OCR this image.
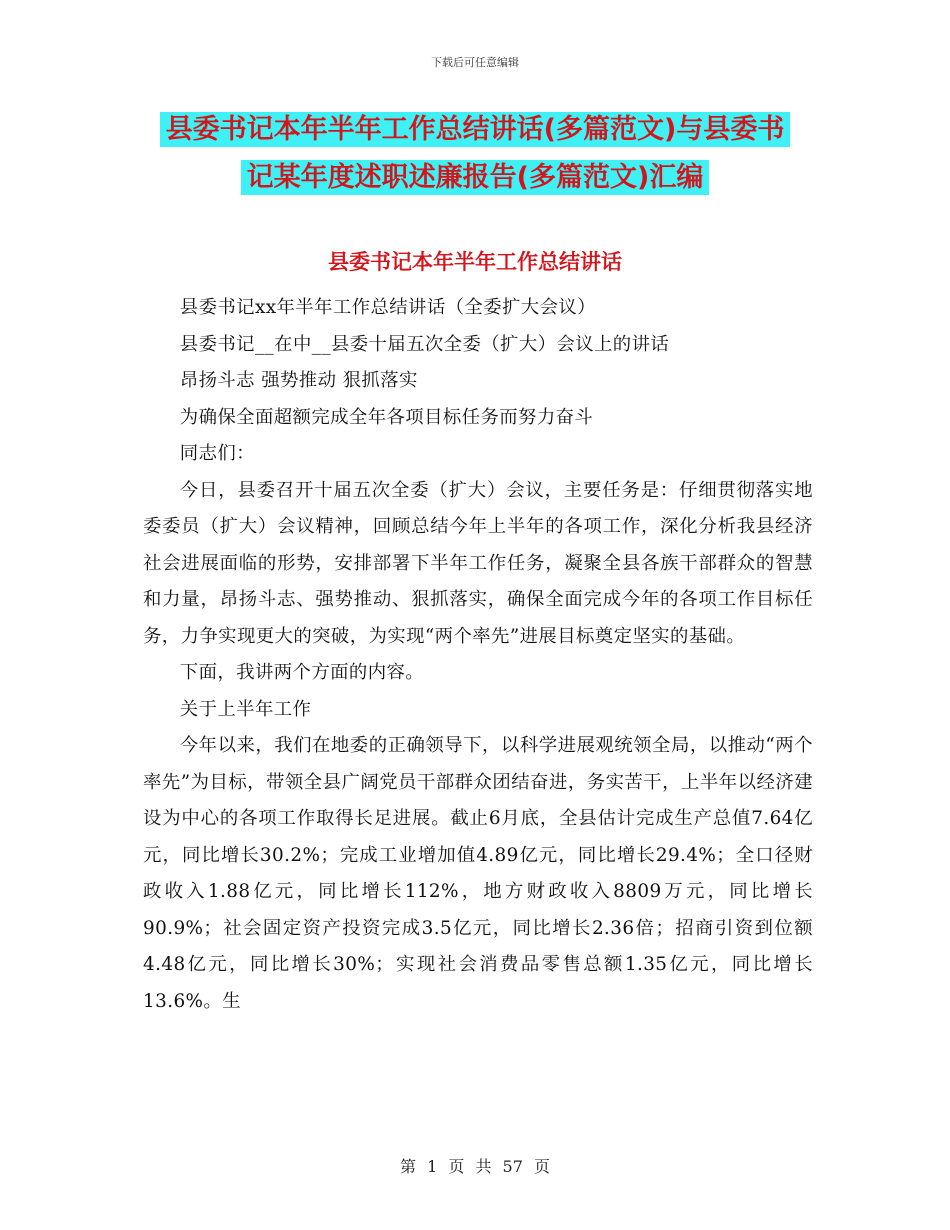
下载后可任意编辑
县委书记本年半年工作总结讲话(多篇范文)与县委书
记某年度述职述廉报告(多篇范文)汇编
县委书记本年半年工作总结讲话

县委书记xx年半年工作总结讲话（全委扩大会议）

县委书记__在中__县委十届五次全委（扩大）会议上的讲话

昂扬斗志 强势推动 狠抓落实

为确保全面超额完成全年各项目标任务而努力奋斗

同志们：

今日，县委召开十届五次全委（扩大）会议，主要任务是：仔细贯彻落实地委委员（扩大）会议精神，回顾总结今年上半年的各项工作，深化分析我县经济社会进展面临的形势，安排部署下半年工作任务，凝聚全县各族干部群众的智慧和力量，昂扬斗志、强势推动、狠抓落实，确保全面完成今年的各项工作目标任务，力争实现更大的突破，为实现“两个率先”进展目标奠定坚实的基础。

下面，我讲两个方面的内容。

关于上半年工作

今年以来，我们在地委的正确领导下，以科学进展观统领全局，以推动“两个率先”为目标，带领全县广阔党员干部群众团结奋进，务实苦干，上半年以经济建设为中心的各项工作取得长足进展。截止6月底，全县估计完成生产总值7.64亿元，同比增长30.2%；完成工业增加值4.89亿元，同比增长29.4%；全口径财政收入1.88亿元，同比增长112%，地方财政收入8809万元，同比增长90.9%；社会固定资产投资完成3.5亿元，同比增长2.36倍；招商引资到位额4.48亿元，同比增长30%；实现社会消费品零售总额1.35亿元，同比增长13.6%。生

第 1 页 共 57 页
